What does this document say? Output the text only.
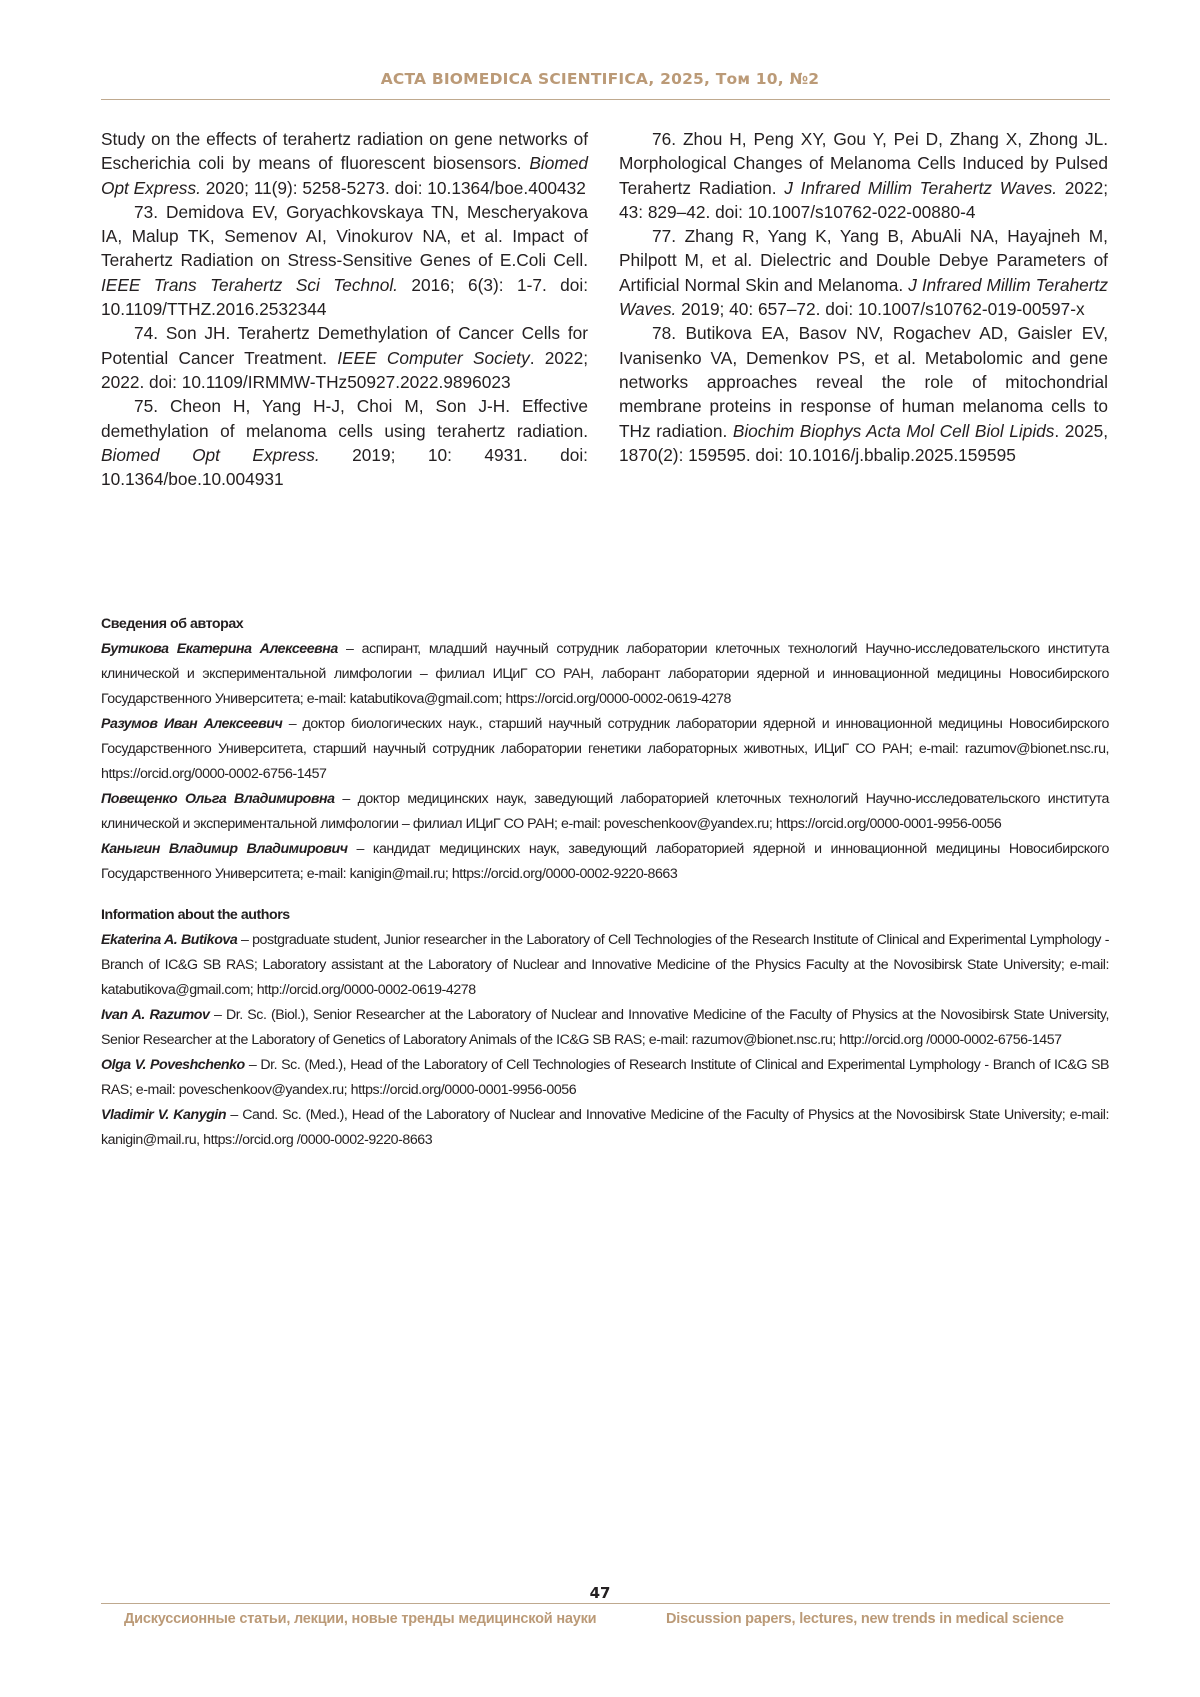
ACTA BIOMEDICA SCIENTIFICA, 2025, Том 10, №2

Study on the effects of terahertz radiation on gene networks of Escherichia coli by means of fluorescent biosensors. Biomed Opt Express. 2020; 11(9): 5258-5273. doi: 10.1364/boe.400432

73. Demidova EV, Goryachkovskaya TN, Mescheryakova IA, Malup TK, Semenov AI, Vinokurov NA, et al. Impact of Terahertz Radiation on Stress-Sensitive Genes of E.Coli Cell. IEEE Trans Terahertz Sci Technol. 2016; 6(3): 1-7. doi: 10.1109/TTHZ.2016.2532344

74. Son JH. Terahertz Demethylation of Cancer Cells for Potential Cancer Treatment. IEEE Computer Society. 2022; 2022. doi: 10.1109/IRMMW-THz50927.2022.9896023

75. Cheon H, Yang H-J, Choi M, Son J-H. Effective demethylation of melanoma cells using terahertz radiation. Biomed Opt Express. 2019; 10: 4931. doi: 10.1364/boe.10.004931

76. Zhou H, Peng XY, Gou Y, Pei D, Zhang X, Zhong JL. Morphological Changes of Melanoma Cells Induced by Pulsed Terahertz Radiation. J Infrared Millim Terahertz Waves. 2022; 43: 829–42. doi: 10.1007/s10762-022-00880-4

77. Zhang R, Yang K, Yang B, AbuAli NA, Hayajneh M, Philpott M, et al. Dielectric and Double Debye Parameters of Artificial Normal Skin and Melanoma. J Infrared Millim Terahertz Waves. 2019; 40: 657–72. doi: 10.1007/s10762-019-00597-x

78. Butikova EA, Basov NV, Rogachev AD, Gaisler EV, Ivanisenko VA, Demenkov PS, et al. Metabolomic and gene networks approaches reveal the role of mitochondrial membrane proteins in response of human melanoma cells to THz radiation. Biochim Biophys Acta Mol Cell Biol Lipids. 2025, 1870(2): 159595. doi: 10.1016/j.bbalip.2025.159595

Сведения об авторах

Бутикова Екатерина Алексеевна – аспирант, младший научный сотрудник лаборатории клеточных технологий Научно-исследовательского института клинической и экспериментальной лимфологии – филиал ИЦиГ СО РАН, лаборант лаборатории ядерной и инновационной медицины Новосибирского Государственного Университета; e-mail: katabutikova@gmail.com; https://orcid.org/0000-0002-0619-4278

Разумов Иван Алексеевич – доктор биологических наук., старший научный сотрудник лаборатории ядерной и инновационной медицины Новосибирского Государственного Университета, старший научный сотрудник лаборатории генетики лабораторных животных, ИЦиГ СО РАН; e-mail: razumov@bionet.nsc.ru, https://orcid.org/0000-0002-6756-1457

Повещенко Ольга Владимировна – доктор медицинских наук, заведующий лабораторией клеточных технологий Научно-исследовательского института клинической и экспериментальной лимфологии – филиал ИЦиГ СО РАН; e-mail: poveschenkoov@yandex.ru; https://orcid.org/0000-0001-9956-0056

Каныгин Владимир Владимирович – кандидат медицинских наук, заведующий лабораторией ядерной и инновационной медицины Новосибирского Государственного Университета; e-mail: kanigin@mail.ru; https://orcid.org/0000-0002-9220-8663

Information about the authors

Ekaterina A. Butikova – postgraduate student, Junior researcher in the Laboratory of Cell Technologies of the Research Institute of Clinical and Experimental Lymphology - Branch of IC&G SB RAS; Laboratory assistant at the Laboratory of Nuclear and Innovative Medicine of the Physics Faculty at the Novosibirsk State University; e-mail: katabutikova@gmail.com; http://orcid.org/0000-0002-0619-4278

Ivan A. Razumov – Dr. Sc. (Biol.), Senior Researcher at the Laboratory of Nuclear and Innovative Medicine of the Faculty of Physics at the Novosibirsk State University, Senior Researcher at the Laboratory of Genetics of Laboratory Animals of the IC&G SB RAS; e-mail: razumov@bionet.nsc.ru; http://orcid.org /0000-0002-6756-1457

Olga V. Poveshchenko – Dr. Sc. (Med.), Head of the Laboratory of Cell Technologies of Research Institute of Clinical and Experimental Lymphology - Branch of IC&G SB RAS; e-mail: poveschenkoov@yandex.ru; https://orcid.org/0000-0001-9956-0056

Vladimir V. Kanygin – Cand. Sc. (Med.), Head of the Laboratory of Nuclear and Innovative Medicine of the Faculty of Physics at the Novosibirsk State University; e-mail: kanigin@mail.ru, https://orcid.org /0000-0002-9220-8663

47
Дискуссионные статьи, лекции, новые тренды медицинской науки	Discussion papers, lectures, new trends in medical science
